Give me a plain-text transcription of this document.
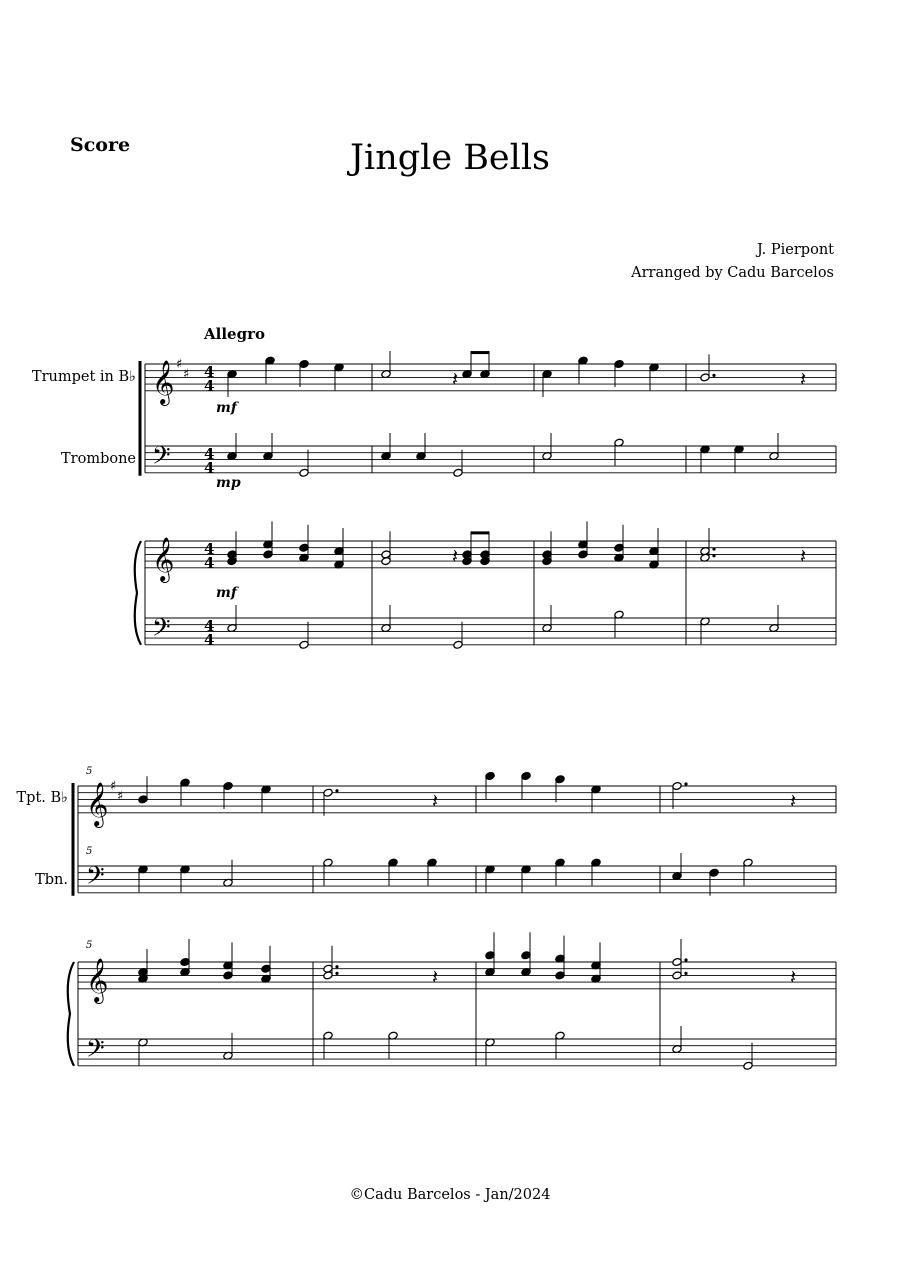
Score	Jingle Bells
J. Pierpont
Arranged by Cadu Barcelos
Allegro
Trumpet in B♭
Trombone
Tpt. B♭
Tbn.
5
5
5
©Cadu Barcelos - Jan/2024
𝄞
𝄢
𝄞
𝄢
♯
♯ 4
4
4
4
4
4
4
4
𝄽	𝄽
𝄽	𝄽
𝄞
𝄢
𝄞
𝄢
♯
♯	𝄽	𝄽
𝄽	𝄽
mf
mp
mf
